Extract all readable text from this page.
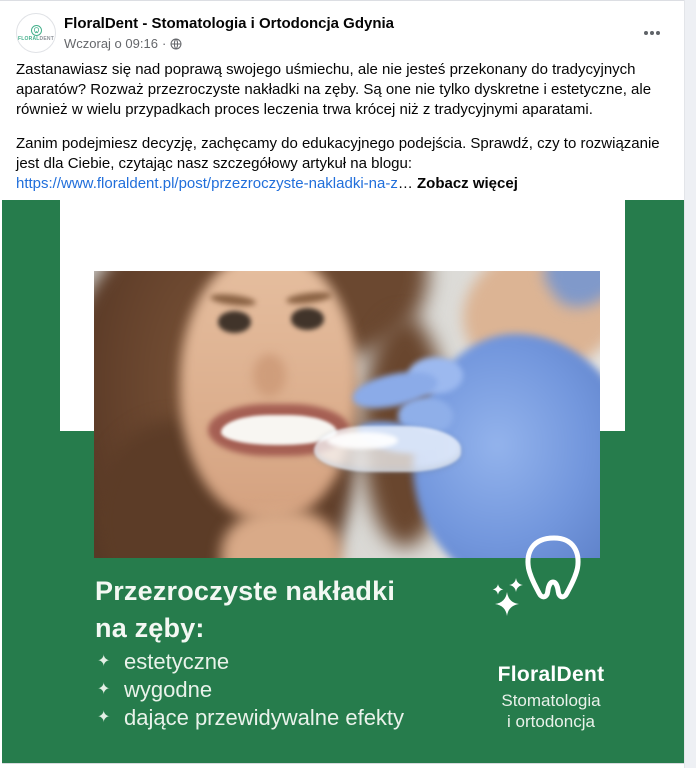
FLORALDENT
FloralDent - Stomatologia i Ortodoncja Gdynia
Wczoraj o 09:16 ·

Zastanawiasz się nad poprawą swojego uśmiechu, ale nie jesteś przekonany do tradycyjnych aparatów? Rozważ przezroczyste nakładki na zęby. Są one nie tylko dyskretne i estetyczne, ale również w wielu przypadkach proces leczenia trwa krócej niż z tradycyjnymi aparatami.

Zanim podejmiesz decyzję, zachęcamy do edukacyjnego podejścia. Sprawdź, czy to rozwiązanie jest dla Ciebie, czytając nasz szczegółowy artykuł na blogu:
https://www.floraldent.pl/post/przezroczyste-nakladki-na-z… Zobacz więcej

Przezroczyste nakładki
na zęby:
✦ estetyczne
✦ wygodne
✦ dające przewidywalne efekty
FloralDent
Stomatologia
i ortodoncja
